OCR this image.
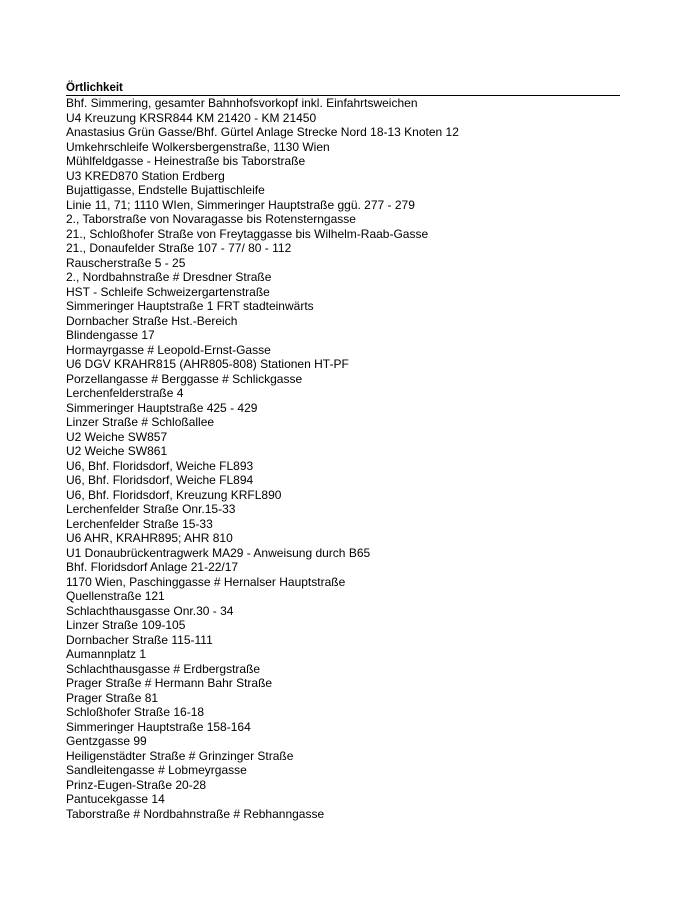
Örtlichkeit
Bhf. Simmering, gesamter Bahnhofsvorkopf inkl. Einfahrtsweichen
U4 Kreuzung KRSR844 KM 21420 - KM 21450
Anastasius Grün Gasse/Bhf. Gürtel Anlage Strecke Nord 18-13 Knoten 12
Umkehrschleife Wolkersbergenstraße, 1130 Wien
Mühlfeldgasse - Heinestraße bis Taborstraße
U3 KRED870 Station Erdberg
Bujattigasse, Endstelle Bujattischleife
Linie 11, 71; 1110 WIen, Simmeringer Hauptstraße ggü. 277 - 279
2., Taborstraße von Novaragasse bis Rotensterngasse
21., Schloßhofer Straße von Freytaggasse bis Wilhelm-Raab-Gasse
21., Donaufelder Straße 107 - 77/ 80 - 112
Rauscherstraße 5 - 25
2., Nordbahnstraße # Dresdner Straße
HST - Schleife Schweizergartenstraße
Simmeringer Hauptstraße 1 FRT stadteinwärts
Dornbacher Straße Hst.-Bereich
Blindengasse 17
Hormayrgasse # Leopold-Ernst-Gasse
U6 DGV KRAHR815 (AHR805-808) Stationen HT-PF
Porzellangasse # Berggasse # Schlickgasse
Lerchenfelderstraße 4
Simmeringer Hauptstraße 425 - 429
Linzer Straße # Schloßallee
U2 Weiche SW857
U2 Weiche SW861
U6, Bhf. Floridsdorf, Weiche FL893
U6, Bhf. Floridsdorf, Weiche FL894
U6, Bhf. Floridsdorf, Kreuzung KRFL890
Lerchenfelder Straße Onr.15-33
Lerchenfelder Straße 15-33
U6 AHR, KRAHR895; AHR 810
U1 Donaubrückentragwerk MA29 - Anweisung durch B65
Bhf. Floridsdorf Anlage 21-22/17
1170 Wien, Paschinggasse # Hernalser Hauptstraße
Quellenstraße 121
Schlachthausgasse Onr.30 - 34
Linzer Straße 109-105
Dornbacher Straße 115-111
Aumannplatz 1
Schlachthausgasse # Erdbergstraße
Prager Straße # Hermann Bahr Straße
Prager Straße 81
Schloßhofer Straße 16-18
Simmeringer Hauptstraße 158-164
Gentzgasse 99
Heiligenstädter Straße # Grinzinger Straße
Sandleitengasse # Lobmeyrgasse
Prinz-Eugen-Straße 20-28
Pantucekgasse 14
Taborstraße # Nordbahnstraße # Rebhanngasse
